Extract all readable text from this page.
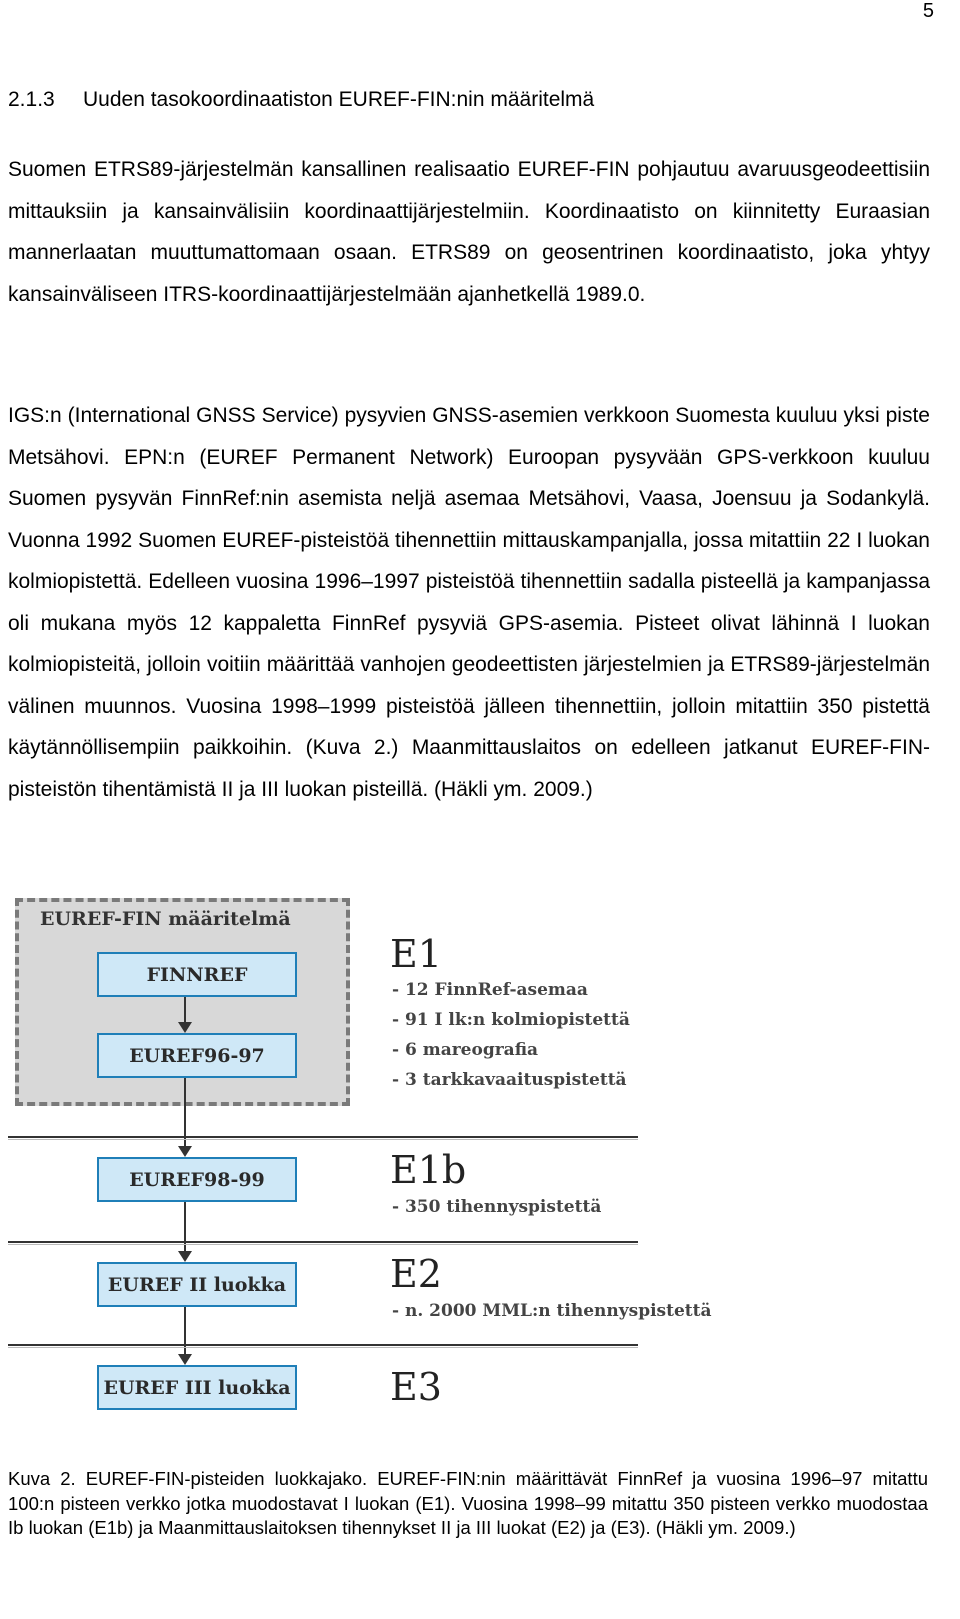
5
2.1.3 Uuden tasokoordinaatiston EUREF-FIN:nin määritelmä

Suomen ETRS89-järjestelmän kansallinen realisaatio EUREF-FIN pohjautuu avaruusgeodeettisiin mittauksiin ja kansainvälisiin koordinaattijärjestelmiin. Koordinaatisto on kiinnitetty Euraasian mannerlaatan muuttumattomaan osaan. ETRS89 on geosentrinen koordinaatisto, joka yhtyy kansainväliseen ITRS-koordinaattijärjestelmään ajanhetkellä 1989.0.

IGS:n (International GNSS Service) pysyvien GNSS-asemien verkkoon Suomesta kuuluu yksi piste Metsähovi. EPN:n (EUREF Permanent Network) Euroopan pysyvään GPS-verkkoon kuuluu Suomen pysyvän FinnRef:nin asemista neljä asemaa Metsähovi, Vaasa, Joensuu ja Sodankylä. Vuonna 1992 Suomen EUREF-pisteistöä tihennettiin mittauskampanjalla, jossa mitattiin 22 I luokan kolmiopistettä. Edelleen vuosina 1996–1997 pisteistöä tihennettiin sadalla pisteellä ja kampanjassa oli mukana myös 12 kappaletta FinnRef pysyviä GPS-asemia. Pisteet olivat lähinnä I luokan kolmiopisteitä, jolloin voitiin määrittää vanhojen geodeettisten järjestelmien ja ETRS89-järjestelmän välinen muunnos. Vuosina 1998–1999 pisteistöä jälleen tihennettiin, jolloin mitattiin 350 pistettä käytännöllisempiin paikkoihin. (Kuva 2.) Maanmittauslaitos on edelleen jatkanut EUREF-FIN-pisteistön tihentämistä II ja III luokan pisteillä. (Häkli ym. 2009.)

EUREF-FIN määritelmä
FINNREF
EUREF96-97
EUREF98-99
EUREF II luokka
EUREF III luokka
E1
- 12 FinnRef-asemaa
- 91 I lk:n kolmiopistettä
- 6 mareografia
- 3 tarkkavaaituspistettä
E1b
- 350 tihennyspistettä
E2
- n. 2000 MML:n tihennyspistettä
E3

Kuva 2. EUREF-FIN-pisteiden luokkajako. EUREF-FIN:nin määrittävät FinnRef ja vuosina 1996–97 mitattu 100:n pisteen verkko jotka muodostavat I luokan (E1). Vuosina 1998–99 mitattu 350 pisteen verkko muodostaa Ib luokan (E1b) ja Maanmittauslaitoksen tihennykset II ja III luokat (E2) ja (E3). (Häkli ym. 2009.)
